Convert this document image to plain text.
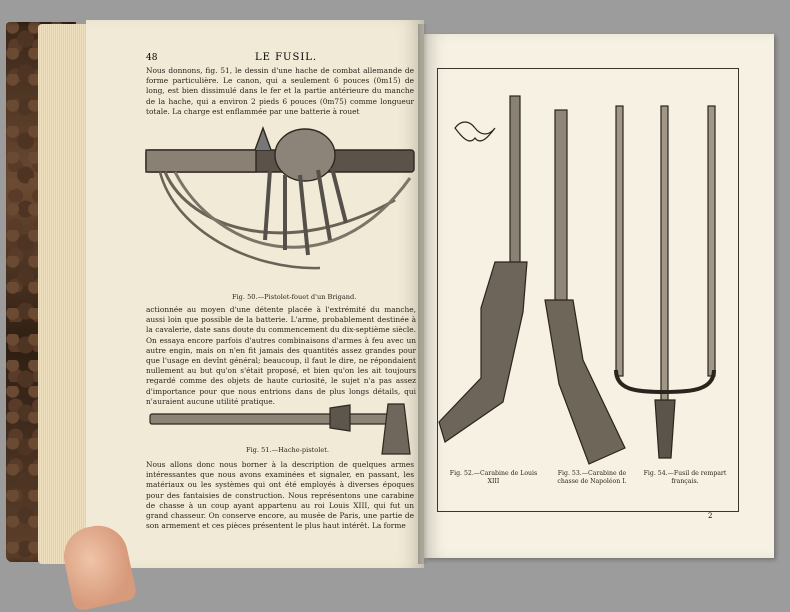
48	LE FUSIL.
Nous donnons, fig. 51, le dessin d'une hache de combat allemande de forme particulière. Le canon, qui a seulement 6 pouces (0m15) de long, est bien dissimulé dans le fer et la partie antérieure du manche de la hache, qui a environ 2 pieds 6 pouces (0m75) comme longueur totale. La charge est enflammée par une batterie à rouet
Fig. 50.—Pistolet-fouet d'un Brigand.
actionnée au moyen d'une détente placée à l'extrémité du manche, aussi loin que possible de la batterie. L'arme, probablement destinée à la cavalerie, date sans doute du commencement du dix-septième siècle. On essaya encore parfois d'autres combinaisons d'armes à feu avec un autre engin, mais on n'en fit jamais des quantités assez grandes pour que l'usage en devînt général; beaucoup, il faut le dire, ne répondaient nullement au but qu'on s'était proposé, et bien qu'on les ait toujours regardé comme des objets de haute curiosité, le sujet n'a pas assez d'importance pour que nous entrions dans de plus longs détails, qui n'auraient aucune utilité pratique.
Fig. 51.—Hache-pistolet.
Nous allons donc nous borner à la description de quelques armes intéressantes que nous avons examinées et signaler, en passant, les matériaux ou les systèmes qui ont été employés à diverses époques pour des fantaisies de construction. Nous représentons une carabine de chasse à un coup ayant appartenu au roi Louis XIII, qui fut un grand chasseur. On conserve encore, au musée de Paris, une partie de son armement et ces pièces présentent le plus haut intérêt. La forme
Fig. 52.—Carabine de Louis XIII
Fig. 53.—Carabine de chasse de Napoléon I.
Fig. 54.—Fusil de rempart français.
2
